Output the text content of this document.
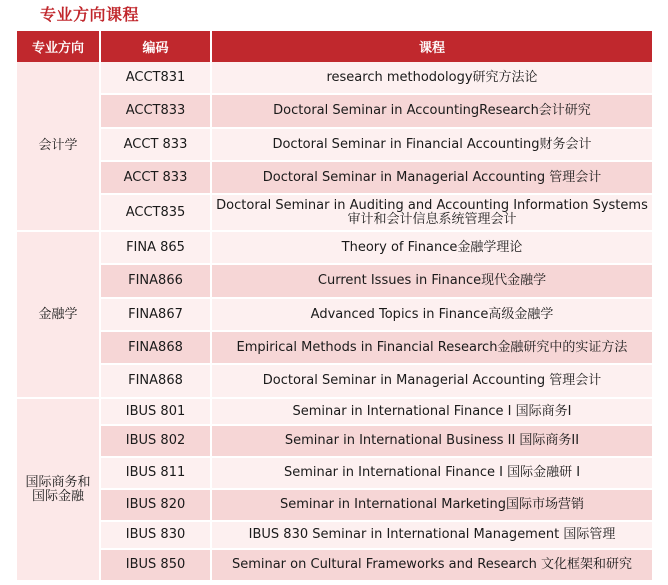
专业方向课程
专业方向	编码	课程

会计学	ACCT831	research methodology研究方法论

	ACCT833	Doctoral Seminar in AccountingResearch会计研究

	ACCT 833	Doctoral Seminar in Financial Accounting财务会计

	ACCT 833	Doctoral Seminar in Managerial Accounting 管理会计

	ACCT835	Doctoral Seminar in Auditing and Accounting Information Systems
审计和会计信息系统管理会计

金融学	FINA 865	Theory of Finance金融学理论

	FINA866	Current Issues in Finance现代金融学

	FINA867	Advanced Topics in Finance高级金融学

	FINA868	Empirical Methods in Financial Research金融研究中的实证方法

	FINA868	Doctoral Seminar in Managerial Accounting 管理会计

国际商务和
国际金融	IBUS 801	Seminar in International Finance I 国际商务I

	IBUS 802	Seminar in International Business II 国际商务II

	IBUS 811	Seminar in International Finance I 国际金融研 I

	IBUS 820	Seminar in International Marketing国际市场营销

	IBUS 830	IBUS 830 Seminar in International Management 国际管理

	IBUS 850	Seminar on Cultural Frameworks and Research 文化框架和研究
